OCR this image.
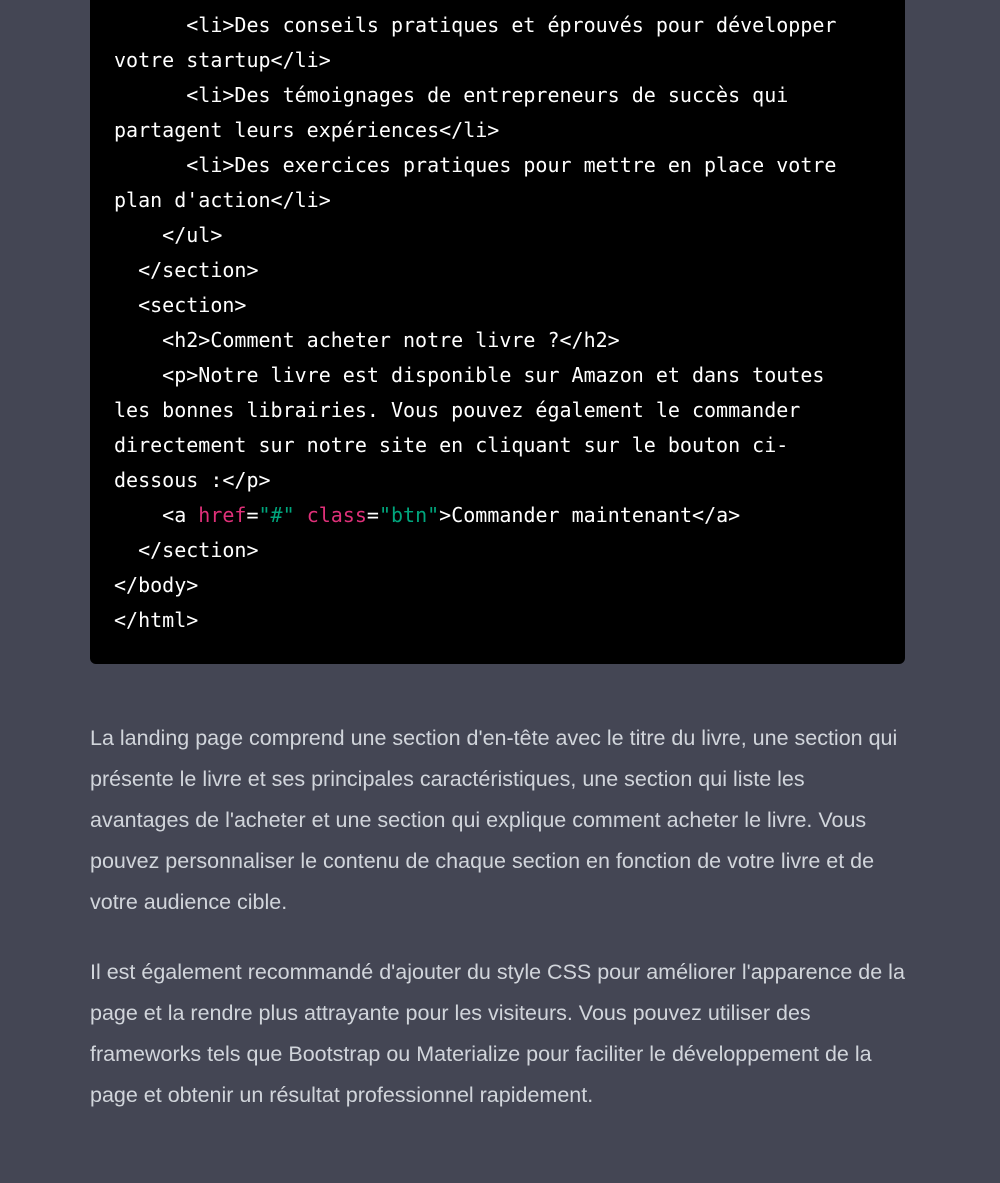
<li>Des conseils pratiques et éprouvés pour développer
votre startup</li>
<li>Des témoignages de entrepreneurs de succès qui
partagent leurs expériences</li>
<li>Des exercices pratiques pour mettre en place votre
plan d'action</li>
</ul>
</section>
<section>
<h2>Comment acheter notre livre ?</h2>
<p>Notre livre est disponible sur Amazon et dans toutes
les bonnes librairies. Vous pouvez également le commander
directement sur notre site en cliquant sur le bouton ci-
dessous :</p>
<a href="#" class="btn">Commander maintenant</a>
</section>
</body>
</html>

La landing page comprend une section d'en-tête avec le titre du livre, une section qui présente le livre et ses principales caractéristiques, une section qui liste les avantages de l'acheter et une section qui explique comment acheter le livre. Vous pouvez personnaliser le contenu de chaque section en fonction de votre livre et de votre audience cible.

Il est également recommandé d'ajouter du style CSS pour améliorer l'apparence de la page et la rendre plus attrayante pour les visiteurs. Vous pouvez utiliser des frameworks tels que Bootstrap ou Materialize pour faciliter le développement de la page et obtenir un résultat professionnel rapidement.
